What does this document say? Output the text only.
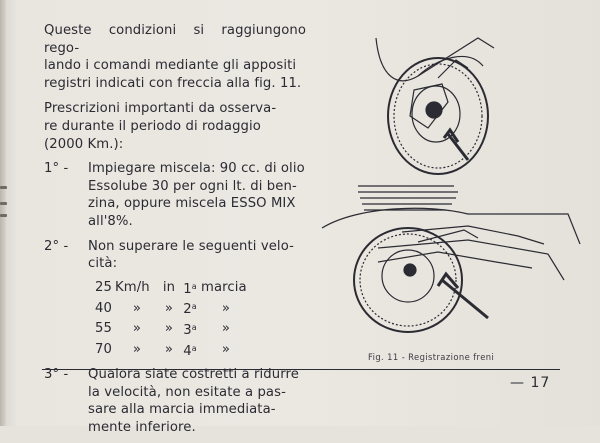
Queste condizioni si raggiungono rego-
lando i comandi mediante gli appositi
registri indicati con freccia alla fig. 11.

Prescrizioni importanti da osserva-
re durante il periodo di rodaggio
(2000 Km.):

1° -	Impiegare miscela: 90 cc. di olio
Essolube 30 per ogni lt. di ben-
zina, oppure miscela ESSO MIX
all'8%.
2° -	Non superare le seguenti velo-
cità:
25	Km/h	in	1$^a$	marcia
40	»	»	2$^a$	»
55	»	»	3$^a$	»
70	»	»	4$^a$	»
3° -	Qualora siate costretti a ridurre
la velocità, non esitate a pas-
sare alla marcia immediata-
mente inferiore.
Fig. 11 - Registrazione freni
— 17
